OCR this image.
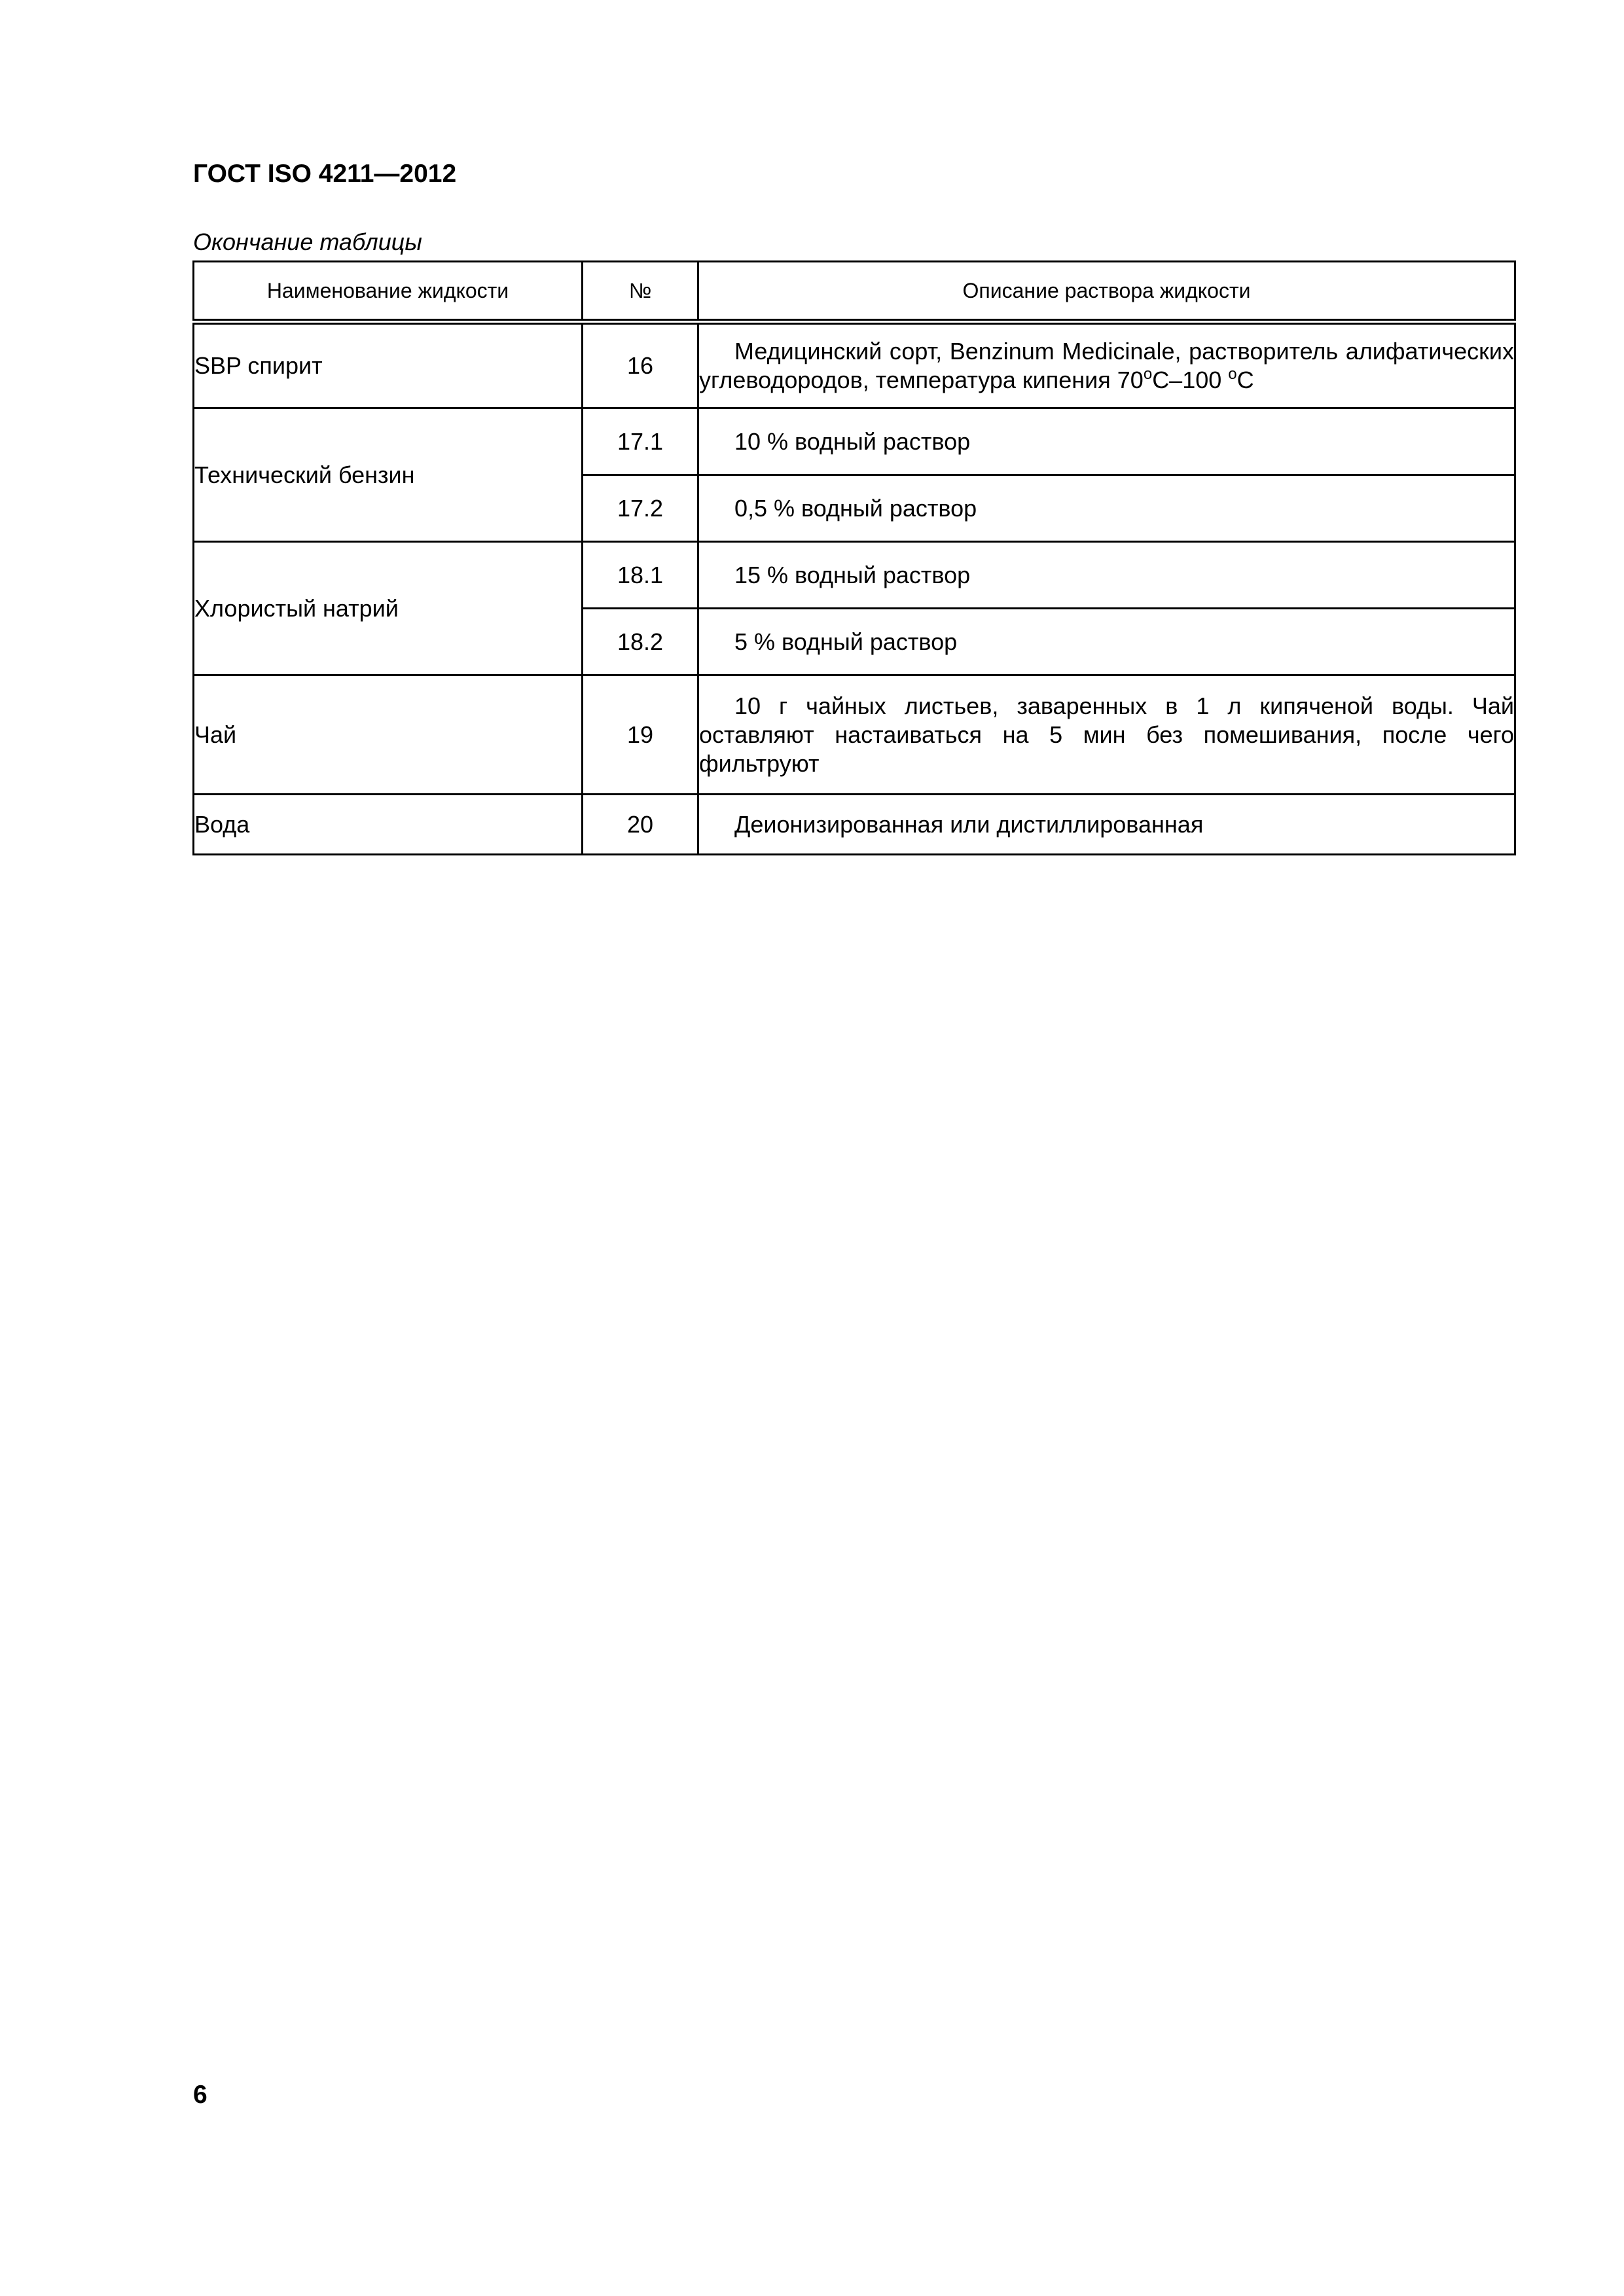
ГОСТ ISO 4211—2012
Окончание таблицы
Наименование жидкости	№	Описание раствора жидкости
SBP спирит	16	Медицинский сорт, Benzinum Medicinale, растворитель алифатических углеводородов, температура кипения $70^оC-100$ $^о$C
Технический бензин	17.1	10 % водный раствор
	17.2	0,5 % водный раствор
Хлористый натрий	18.1	15 % водный раствор
	18.2	5 % водный раствор
Чай	19	10 г чайных листьев, заваренных в 1 л кипяченой воды. Чай оставляют настаиваться на 5 мин без помешивания, после чего фильтруют
Вода	20	Деионизированная или дистиллированная
6
